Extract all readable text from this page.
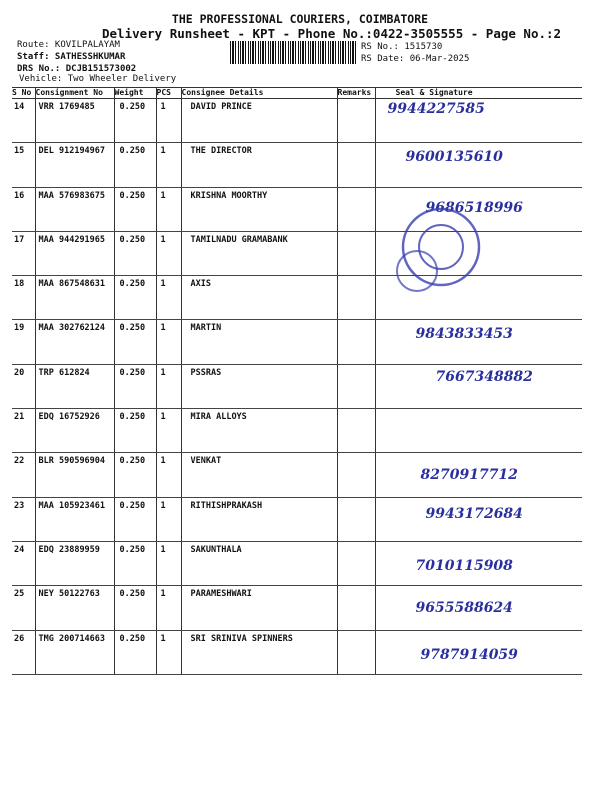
THE PROFESSIONAL COURIERS, COIMBATORE
Delivery Runsheet - KPT - Phone No.:0422-3505555 - Page No.:2
Route: KOVILPALAYAM
Staff: SATHESSHKUMAR
DRS No.: DCJB151573002
Vehicle: Two Wheeler Delivery
RS No.: 1515730
RS Date: 06-Mar-2025
S No	Consignment No	Weight	PCS	Consignee Details	Remarks	Seal & Signature
14	VRR 1769485	0.250	1	DAVID PRINCE		9944227585

15	DEL 912194967	0.250	1	THE DIRECTOR		9600135610

16	MAA 576983675	0.250	1	KRISHNA MOORTHY		9686518996

17	MAA 944291965	0.250	1	TAMILNADU GRAMABANK		
18	MAA 867548631	0.250	1	AXIS		
19	MAA 302762124	0.250	1	MARTIN		9843833453

20	TRP 612824	0.250	1	PSSRAS		7667348882

21	EDQ 16752926	0.250	1	MIRA ALLOYS		
22	BLR 590596904	0.250	1	VENKAT		8270917712

23	MAA 105923461	0.250	1	RITHISHPRAKASH		9943172684

24	EDQ 23889959	0.250	1	SAKUNTHALA		7010115908

25	NEY 50122763	0.250	1	PARAMESHWARI		9655588624

26	TMG 200714663	0.250	1	SRI SRINIVA SPINNERS		9787914059
